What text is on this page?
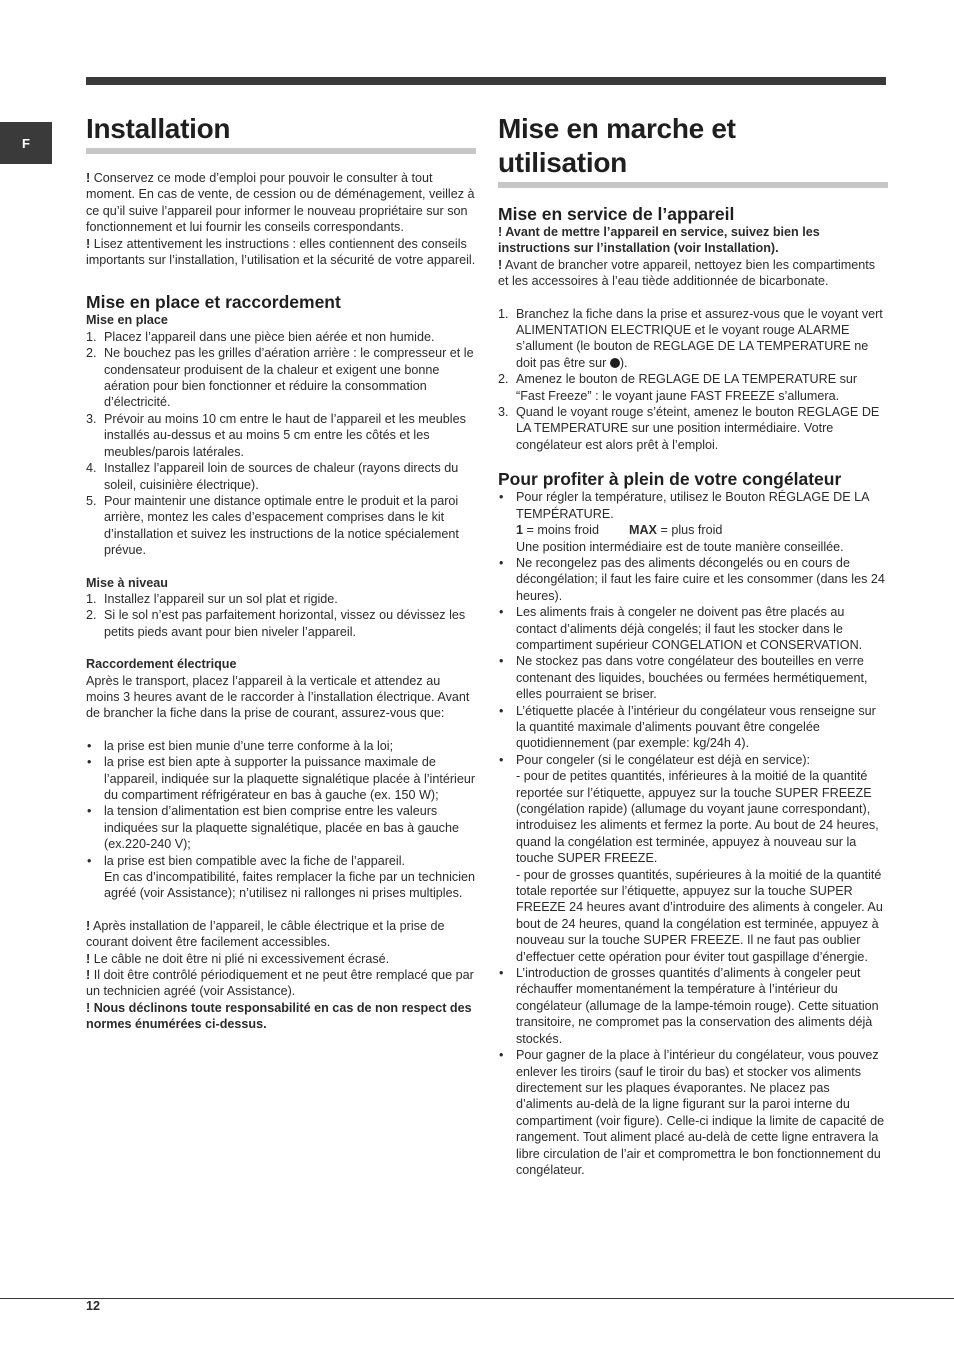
F	Installation

! Conservez ce mode d’emploi pour pouvoir le consulter à tout moment. En cas de vente, de cession ou de déménagement, veillez à ce qu’il suive l’appareil pour informer le nouveau propriétaire sur son fonctionnement et lui fournir les conseils correspondants.

! Lisez attentivement les instructions : elles contiennent des conseils importants sur l’installation, l’utilisation et la sécurité de votre appareil.

Mise en place et raccordement
Mise en place
1. Placez l’appareil dans une pièce bien aérée et non humide.
2. Ne bouchez pas les grilles d’aération arrière : le compresseur et le condensateur produisent de la chaleur et exigent une bonne aération pour bien fonctionner et réduire la consommation d’électricité.
3. Prévoir au moins 10 cm entre le haut de l’appareil et les meubles installés au-dessus et au moins 5 cm entre les côtés et les meubles/parois latérales.
4. Installez l’appareil loin de sources de chaleur (rayons directs du soleil, cuisinière électrique).
5. Pour maintenir une distance optimale entre le produit et la paroi arrière, montez les cales d’espacement comprises dans le kit d’installation et suivez les instructions de la notice spécialement prévue.
Mise à niveau
1. Installez l’appareil sur un sol plat et rigide.
2. Si le sol n’est pas parfaitement horizontal, vissez ou dévissez les petits pieds avant pour bien niveler l’appareil.
Raccordement électrique

Après le transport, placez l’appareil à la verticale et attendez au moins 3 heures avant de le raccorder à l’installation électrique. Avant de brancher la fiche dans la prise de courant, assurez-vous que:

• la prise est bien munie d’une terre conforme à la loi;
• la prise est bien apte à supporter la puissance maximale de l’appareil, indiquée sur la plaquette signalétique placée à l’intérieur du compartiment réfrigérateur en bas à gauche (ex. 150 W);
• la tension d’alimentation est bien comprise entre les valeurs indiquées sur la plaquette signalétique, placée en bas à gauche (ex.220-240 V);
• la prise est bien compatible avec la fiche de l’appareil.
En cas d’incompatibilité, faites remplacer la fiche par un technicien agréé (voir Assistance); n’utilisez ni rallonges ni prises multiples.

! Après installation de l’appareil, le câble électrique et la prise de courant doivent être facilement accessibles.

! Le câble ne doit être ni plié ni excessivement écrasé.

! Il doit être contrôlé périodiquement et ne peut être remplacé que par un technicien agréé (voir Assistance).

! Nous déclinons toute responsabilité en cas de non respect des normes énumérées ci-dessus.

Mise en marche et
utilisation
Mise en service de l’appareil

! Avant de mettre l’appareil en service, suivez bien les instructions sur l’installation (voir Installation).

! Avant de brancher votre appareil, nettoyez bien les compartiments et les accessoires à l’eau tiède additionnée de bicarbonate.

1. Branchez la fiche dans la prise et assurez-vous que le voyant vert ALIMENTATION ELECTRIQUE et le voyant rouge ALARME s’allument (le bouton de REGLAGE DE LA TEMPERATURE ne doit pas être sur ).
2. Amenez le bouton de REGLAGE DE LA TEMPERATURE sur “Fast Freeze” : le voyant jaune FAST FREEZE s’allumera.
3. Quand le voyant rouge s’éteint, amenez le bouton REGLAGE DE LA TEMPERATURE sur une position intermédiaire. Votre congélateur est alors prêt à l’emploi.
Pour profiter à plein de votre congélateur
• Pour régler la température, utilisez le Bouton RÉGLAGE DE LA TEMPÉRATURE.
1 = moins froid MAX = plus froid
Une position intermédiaire est de toute manière conseillée.
• Ne recongelez pas des aliments décongelés ou en cours de décongélation; il faut les faire cuire et les consommer (dans les 24 heures).
• Les aliments frais à congeler ne doivent pas être placés au contact d’aliments déjà congelés; il faut les stocker dans le compartiment supérieur CONGELATION et CONSERVATION.
• Ne stockez pas dans votre congélateur des bouteilles en verre contenant des liquides, bouchées ou fermées hermétiquement, elles pourraient se briser.
• L’étiquette placée à l’intérieur du congélateur vous renseigne sur la quantité maximale d’aliments pouvant être congelée quotidiennement (par exemple: kg/24h 4).
• Pour congeler (si le congélateur est déjà en service):
- pour de petites quantités, inférieures à la moitié de la quantité reportée sur l’étiquette, appuyez sur la touche SUPER FREEZE (congélation rapide) (allumage du voyant jaune correspondant), introduisez les aliments et fermez la porte. Au bout de 24 heures, quand la congélation est terminée, appuyez à nouveau sur la touche SUPER FREEZE.
- pour de grosses quantités, supérieures à la moitié de la quantité totale reportée sur l’étiquette, appuyez sur la touche SUPER FREEZE 24 heures avant d’introduire des aliments à congeler. Au bout de 24 heures, quand la congélation est terminée, appuyez à nouveau sur la touche SUPER FREEZE. Il ne faut pas oublier d’effectuer cette opération pour éviter tout gaspillage d’énergie.
• L’introduction de grosses quantités d’aliments à congeler peut réchauffer momentanément la température à l’intérieur du congélateur (allumage de la lampe-témoin rouge). Cette situation transitoire, ne compromet pas la conservation des aliments déjà stockés.
• Pour gagner de la place à l’intérieur du congélateur, vous pouvez enlever les tiroirs (sauf le tiroir du bas) et stocker vos aliments directement sur les plaques évaporantes. Ne placez pas d’aliments au-delà de la ligne figurant sur la paroi interne du compartiment (voir figure). Celle-ci indique la limite de capacité de rangement. Tout aliment placé au-delà de cette ligne entravera la libre circulation de l’air et compromettra le bon fonctionnement du congélateur.
12
